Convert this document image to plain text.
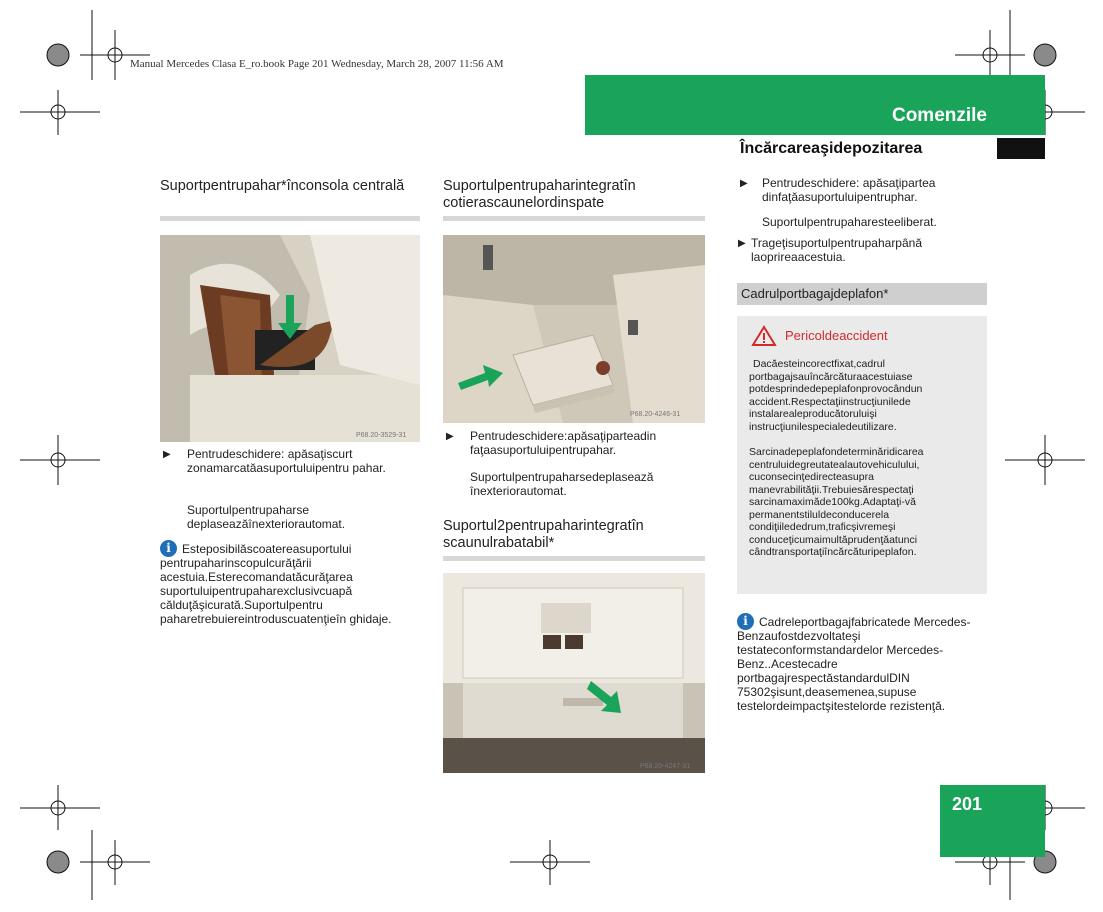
Manual Mercedes Clasa E_ro.book Page 201 Wednesday, March 28, 2007 11:56 AM
Comenzile
Încărcareaşidepozitarea
Suportpentrupahar*înconsola centrală
P68.20-3529-31
▶ Pentrudeschidere: apăsaţiscurt zonamarcatăasuportuluipentru pahar.
Suportulpentrupaharse deplaseazăînexteriorautomat.
i Esteposibilăscoatereasuportului pentrupaharinscopulcurăţării acestuia.Esterecomandatăcurăţarea suportuluipentrupaharexclusivcuapă călduţăşicurată.Suportulpentru paharetrebuiereintroduscuatenţieîn ghidaje.
Suportulpentrupaharintegratîn cotierascaunelordinspate
P68.20-4246-31
▶ Pentrudeschidere:apăsaţiparteadin faţaasuportuluipentrupahar.
Suportulpentrupaharsedeplasează înexteriorautomat.
Suportul2pentrupaharintegratîn scaunulrabatabil*
P68.20-4247-31
▶ Pentrudeschidere: apăsaţipartea dinfaţăasuportuluipentruphar.
Suportulpentrupaharesteeliberat.
▶ Trageţisuportulpentrupaharpână laoprireaacestuia.
Cadrulportbagajdeplafon*
Pericoldeaccident
Dacăesteincorectfixat,cadrul portbagajsauîncărcăturaacestuiase potdesprindedepeplafonprovocândun accident.Respectaţiinstrucţiunilede instalarealeproducătoruluişi instrucţiunilespecialedeutilizare.
Sarcinadepeplafondeterminăridicarea centruluidegreutatealautovehiculului, cuconsecinţedirecteasupra manevrabilităţii.Trebuiesărespectaţi sarcinamaximăde100kg.Adaptaţi-vă permanentstiluldeconducerela condiţiilededrum,traficşivremeşi conduceţicumaimultăprudenţăatunci cândtransportaţiîncărcăturipeplafon.
i Cadreleportbagajfabricatede Mercedes-Benzaufostdezvoltateşi testateconformstandardelor Mercedes-Benz..Acestecadre portbagajrespectăstandardulDIN 75302şisunt,deasemenea,supuse testelordeimpactşitestelorde rezistenţă.
201
